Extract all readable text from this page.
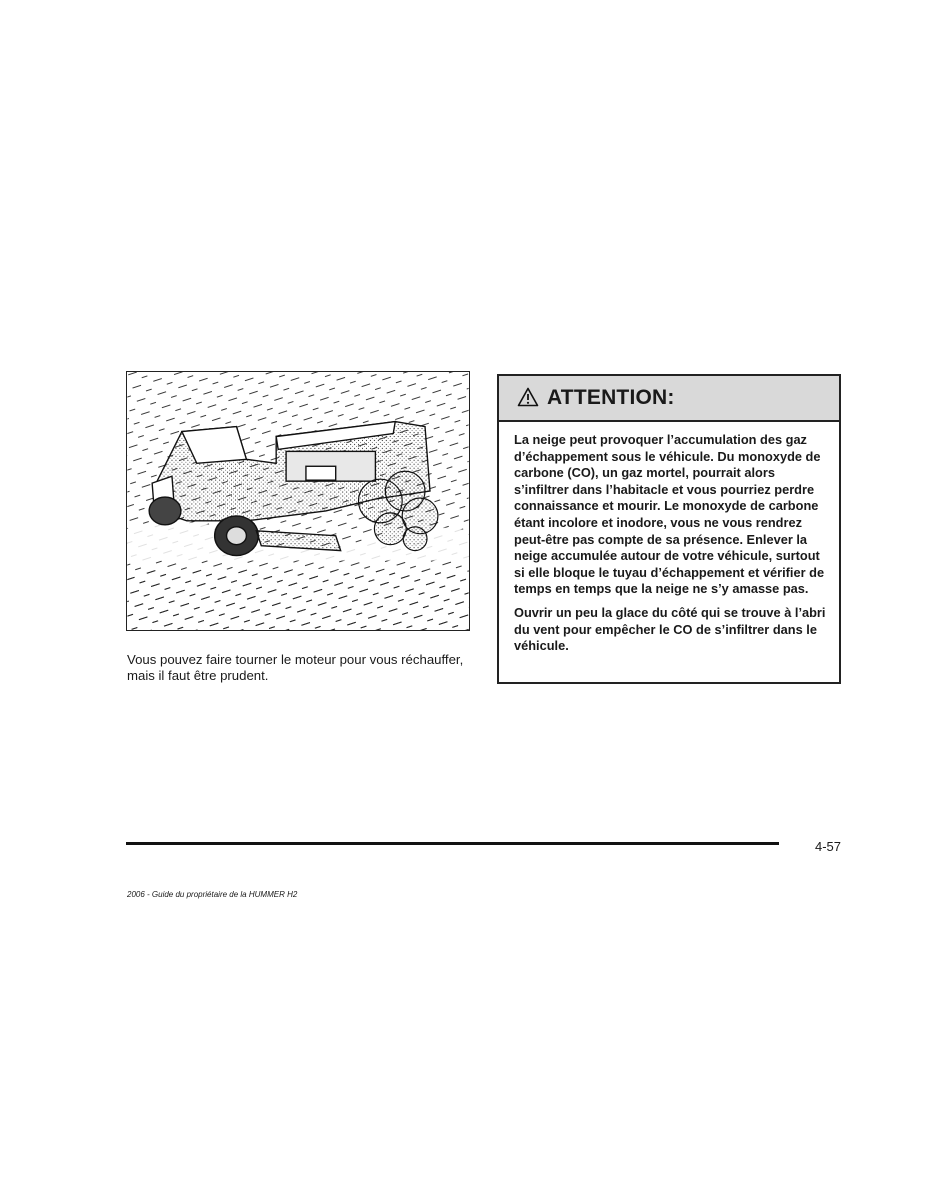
Vous pouvez faire tourner le moteur pour vous réchauffer, mais il faut être prudent.

ATTENTION:

La neige peut provoquer l’accumulation des gaz d’échappement sous le véhicule. Du monoxyde de carbone (CO), un gaz mortel, pourrait alors s’infiltrer dans l’habitacle et vous pourriez perdre connaissance et mourir. Le monoxyde de carbone étant incolore et inodore, vous ne vous rendrez peut-être pas compte de sa présence. Enlever la neige accumulée autour de votre véhicule, surtout si elle bloque le tuyau d’échappement et vérifier de temps en temps que la neige ne s’y amasse pas.

Ouvrir un peu la glace du côté qui se trouve à l’abri du vent pour empêcher le CO de s’infiltrer dans le véhicule.

4-57
2006 - Guide du propriétaire de la HUMMER H2
